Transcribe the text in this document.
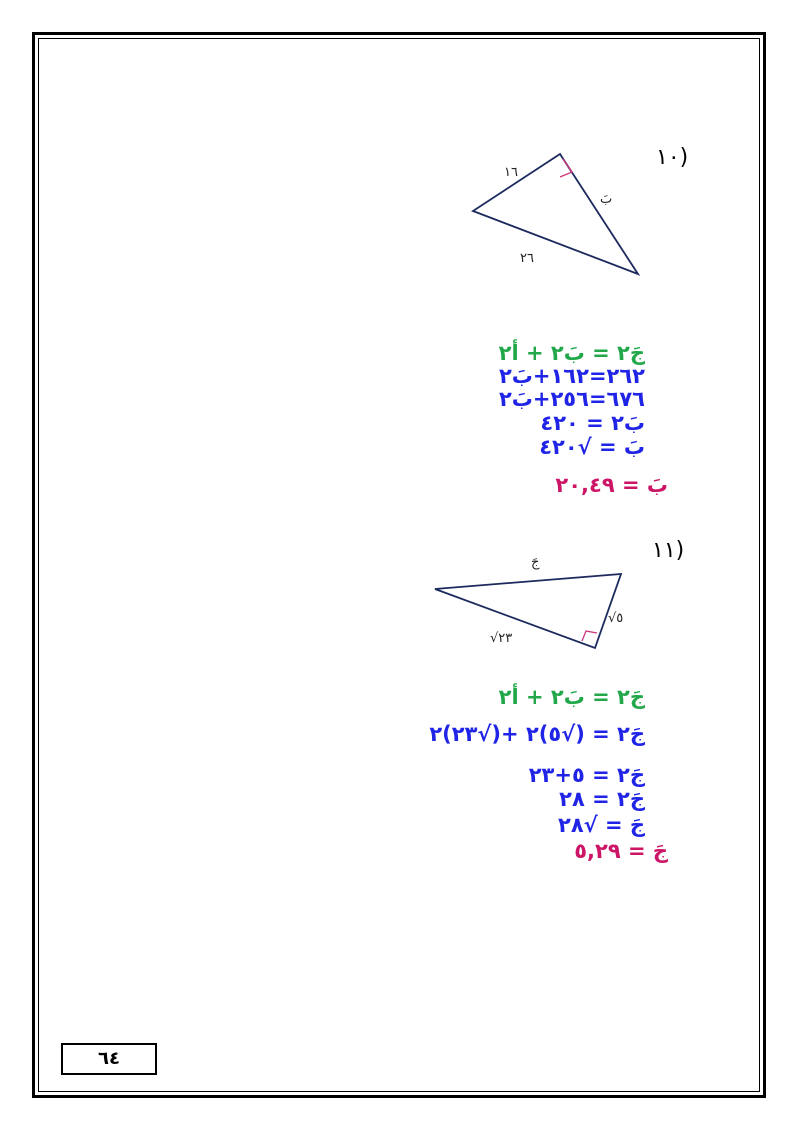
(١٠
١٦
بَ
٢٦
جَ٢ = بَ٢ + أ٢
٢٦٢=١٦٢+بَ٢
٦٧٦=٢٥٦+بَ٢
بَ٢ = ٤٢٠
بَ = √٤٢٠
بَ = ٢٠,٤٩
(١١
جَ
√٥
√٢٣
جَ٢ = بَ٢ + أ٢
جَ٢ = (√٥)٢ +(√٢٣)٢
جَ٢ = ٥+٢٣
جَ٢ = ٢٨
جَ = √٢٨
جَ = ٥,٢٩
٦٤
